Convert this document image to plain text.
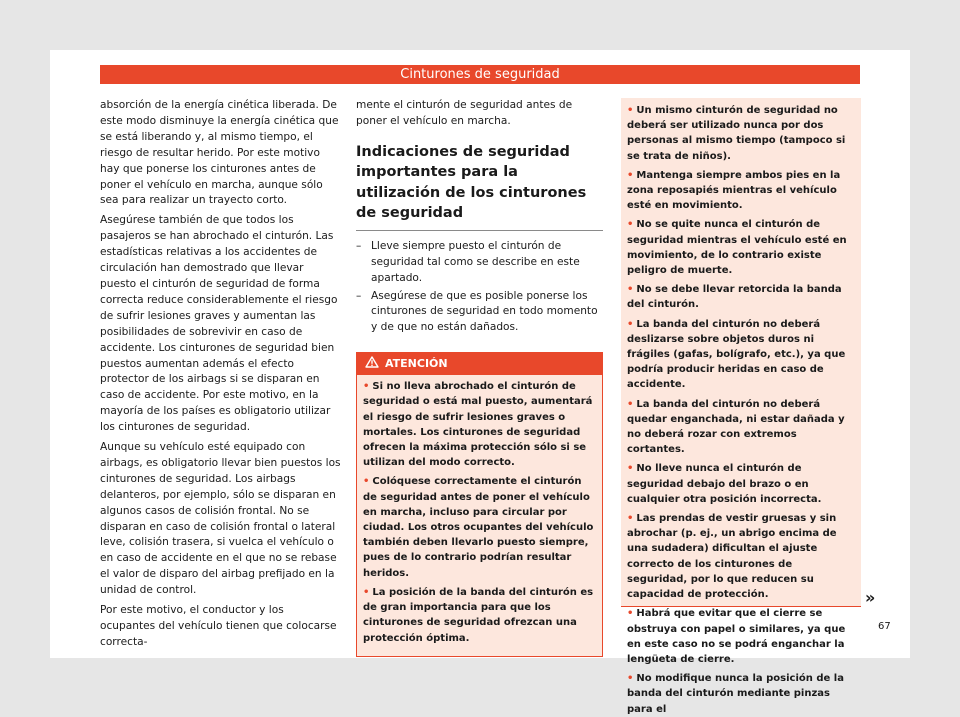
Cinturones de seguridad

absorción de la energía cinética liberada. De este modo disminuye la energía cinética que se está liberando y, al mismo tiempo, el riesgo de resultar herido. Por este motivo hay que ponerse los cinturones antes de poner el vehículo en marcha, aunque sólo sea para realizar un trayecto corto.

Asegúrese también de que todos los pasajeros se han abrochado el cinturón. Las estadísticas relativas a los accidentes de circulación han demostrado que llevar puesto el cinturón de seguridad de forma correcta reduce considerablemente el riesgo de sufrir lesiones graves y aumentan las posibilidades de sobrevivir en caso de accidente. Los cinturones de seguridad bien puestos aumentan además el efecto protector de los airbags si se disparan en caso de accidente. Por este motivo, en la mayoría de los países es obligatorio utilizar los cinturones de seguridad.

Aunque su vehículo esté equipado con airbags, es obligatorio llevar bien puestos los cinturones de seguridad. Los airbags delanteros, por ejemplo, sólo se disparan en algunos casos de colisión frontal. No se disparan en caso de colisión frontal o lateral leve, colisión trasera, si vuelca el vehículo o en caso de accidente en el que no se rebase el valor de disparo del airbag prefijado en la unidad de control.

Por este motivo, el conductor y los ocupantes del vehículo tienen que colocarse correcta-

mente el cinturón de seguridad antes de poner el vehículo en marcha.

Indicaciones de seguridad importantes para la utilización de los cinturones de seguridad
– Lleve siempre puesto el cinturón de seguridad tal como se describe en este apartado.
– Asegúrese de que es posible ponerse los cinturones de seguridad en todo momento y de que no están dañados.
ATENCIÓN

• Si no lleva abrochado el cinturón de seguridad o está mal puesto, aumentará el riesgo de sufrir lesiones graves o mortales. Los cinturones de seguridad ofrecen la máxima protección sólo si se utilizan del modo correcto.

• Colóquese correctamente el cinturón de seguridad antes de poner el vehículo en marcha, incluso para circular por ciudad. Los otros ocupantes del vehículo también deben llevarlo puesto siempre, pues de lo contrario podrían resultar heridos.

• La posición de la banda del cinturón es de gran importancia para que los cinturones de seguridad ofrezcan una protección óptima.

• Un mismo cinturón de seguridad no deberá ser utilizado nunca por dos personas al mismo tiempo (tampoco si se trata de niños).

• Mantenga siempre ambos pies en la zona reposapiés mientras el vehículo esté en movimiento.

• No se quite nunca el cinturón de seguridad mientras el vehículo esté en movimiento, de lo contrario existe peligro de muerte.

• No se debe llevar retorcida la banda del cinturón.

• La banda del cinturón no deberá deslizarse sobre objetos duros ni frágiles (gafas, bolígrafo, etc.), ya que podría producir heridas en caso de accidente.

• La banda del cinturón no deberá quedar enganchada, ni estar dañada y no deberá rozar con extremos cortantes.

• No lleve nunca el cinturón de seguridad debajo del brazo o en cualquier otra posición incorrecta.

• Las prendas de vestir gruesas y sin abrochar (p. ej., un abrigo encima de una sudadera) dificultan el ajuste correcto de los cinturones de seguridad, por lo que reducen su capacidad de protección.

• Habrá que evitar que el cierre se obstruya con papel o similares, ya que en este caso no se podrá enganchar la lengüeta de cierre.

• No modifique nunca la posición de la banda del cinturón mediante pinzas para el

»
67
